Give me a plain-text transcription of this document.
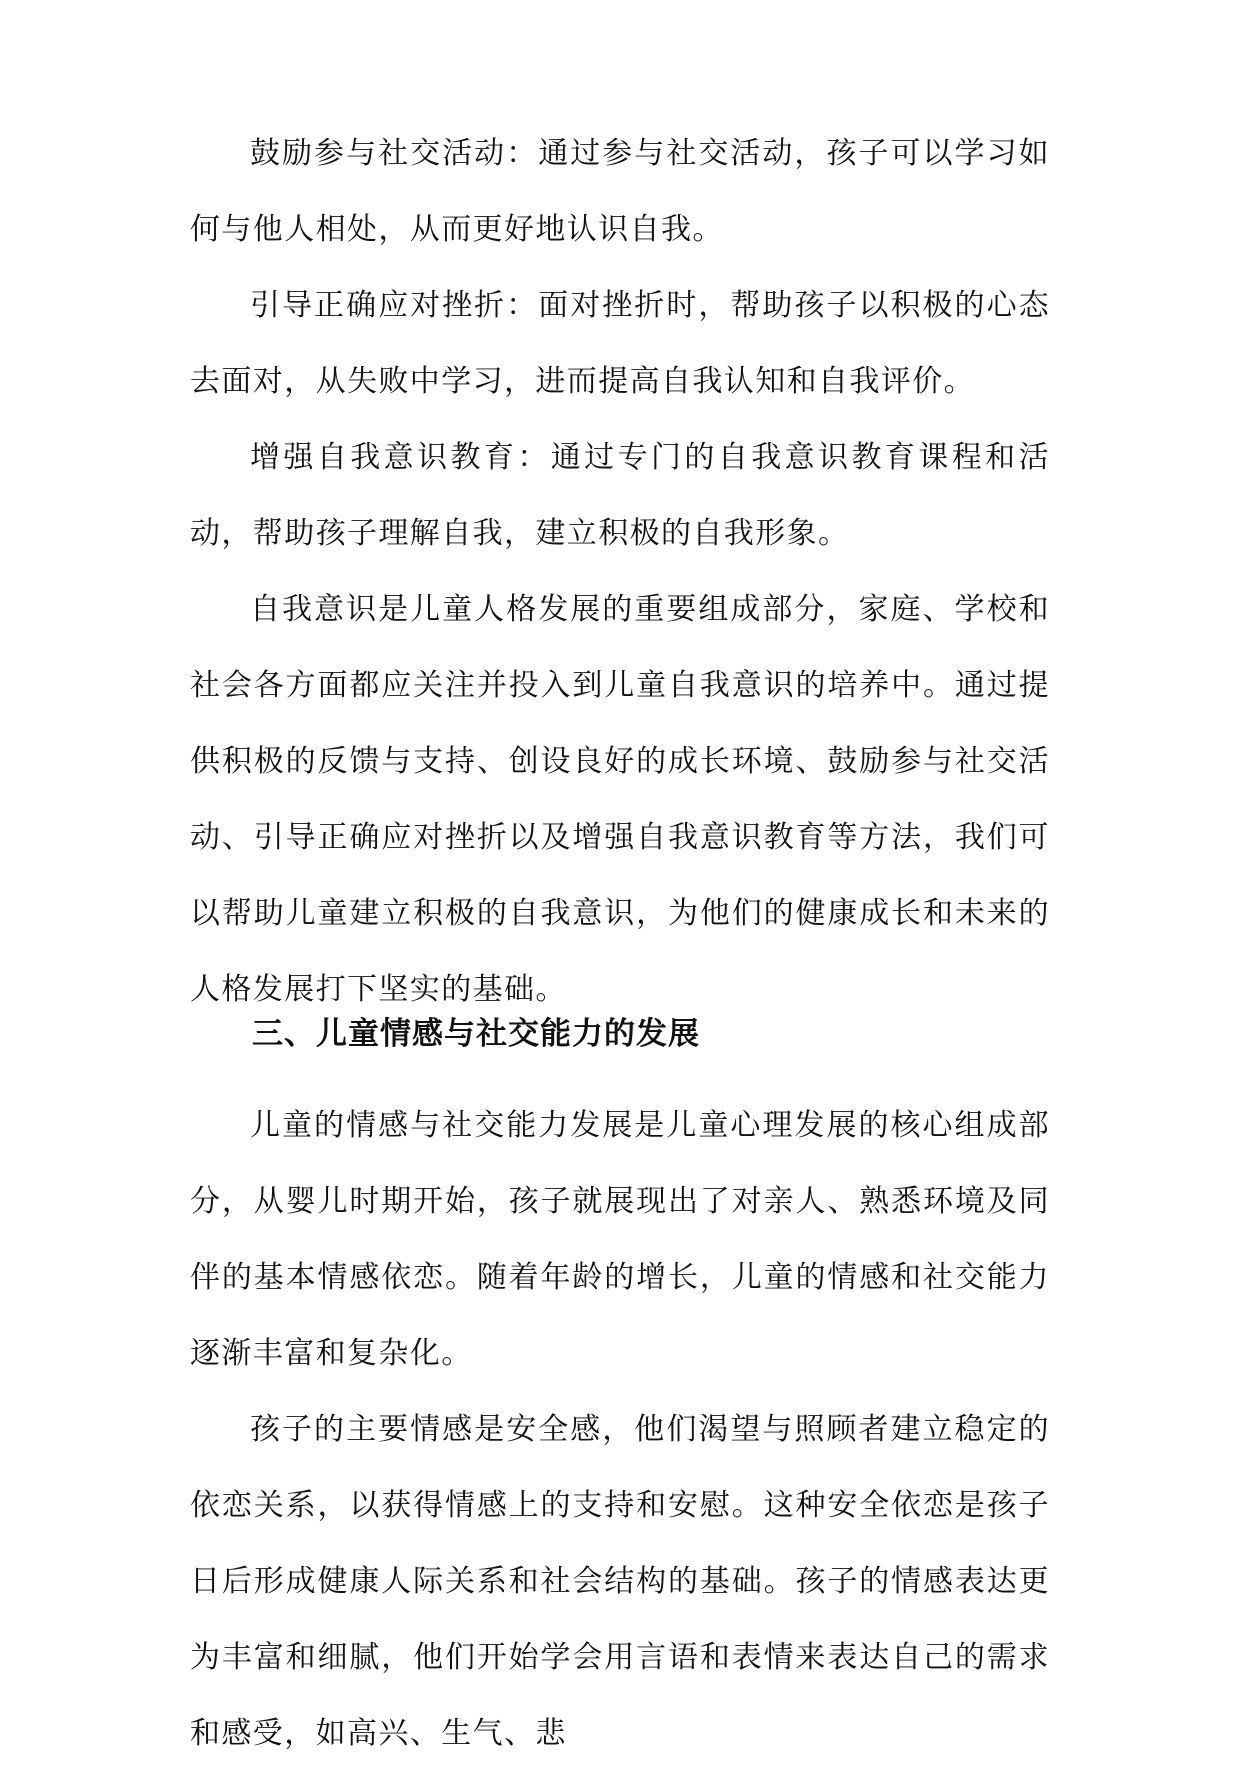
鼓励参与社交活动：通过参与社交活动，孩子可以学习如何与他人相处，从而更好地认识自我。

引导正确应对挫折：面对挫折时，帮助孩子以积极的心态去面对，从失败中学习，进而提高自我认知和自我评价。

增强自我意识教育：通过专门的自我意识教育课程和活动，帮助孩子理解自我，建立积极的自我形象。

自我意识是儿童人格发展的重要组成部分，家庭、学校和社会各方面都应关注并投入到儿童自我意识的培养中。通过提供积极的反馈与支持、创设良好的成长环境、鼓励参与社交活动、引导正确应对挫折以及增强自我意识教育等方法，我们可以帮助儿童建立积极的自我意识，为他们的健康成长和未来的人格发展打下坚实的基础。

三、儿童情感与社交能力的发展

儿童的情感与社交能力发展是儿童心理发展的核心组成部分，从婴儿时期开始，孩子就展现出了对亲人、熟悉环境及同伴的基本情感依恋。随着年龄的增长，儿童的情感和社交能力逐渐丰富和复杂化。

孩子的主要情感是安全感，他们渴望与照顾者建立稳定的依恋关系，以获得情感上的支持和安慰。这种安全依恋是孩子日后形成健康人际关系和社会结构的基础。孩子的情感表达更为丰富和细腻，他们开始学会用言语和表情来表达自己的需求和感受，如高兴、生气、悲
